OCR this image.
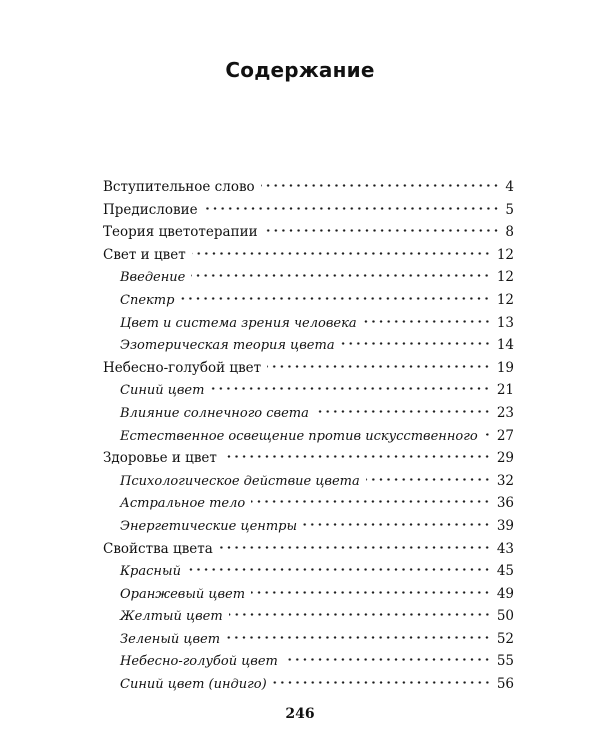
Содержание
Вступительное слово	4
Предисловие	5
Теория цветотерапии	8
Свет и цвет	12
Введение	12
Спектр	12
Цвет и система зрения человека	13
Эзотерическая теория цвета	14
Небесно-голубой цвет	19
Синий цвет	21
Влияние солнечного света	23
Естественное освещение против искусственного	27
Здоровье и цвет	29
Психологическое действие цвета	32
Астральное тело	36
Энергетические центры	39
Свойства цвета	43
Красный	45
Оранжевый цвет	49
Желтый цвет	50
Зеленый цвет	52
Небесно-голубой цвет	55
Синий цвет (индиго)	56
246
